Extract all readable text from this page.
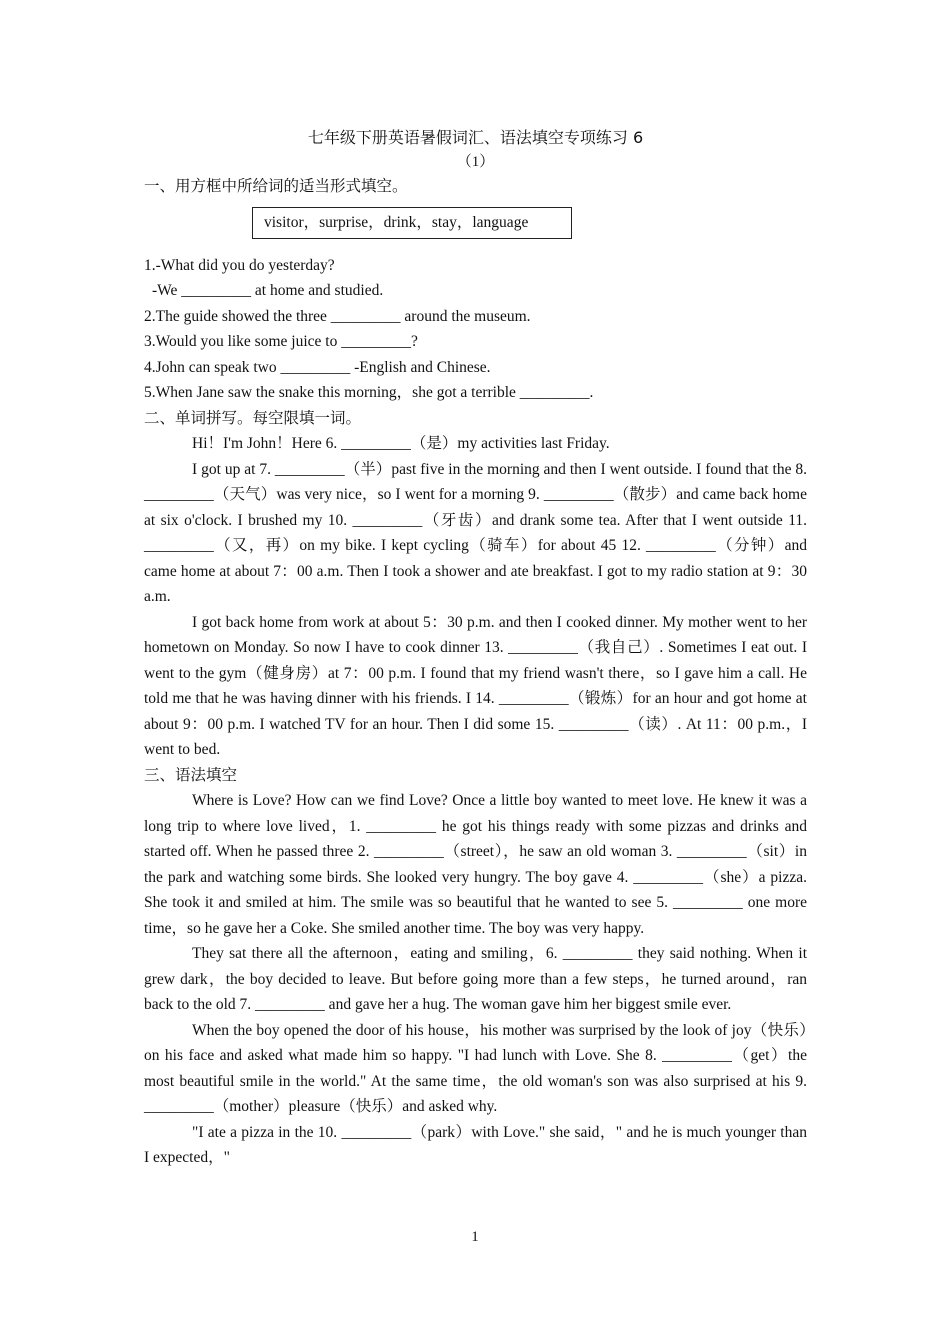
七年级下册英语暑假词汇、语法填空专项练习 6
（1）
一、用方框中所给词的适当形式填空。
visitor，surprise，drink，stay，language
1.-What did you do yesterday?
-We _________ at home and studied.
2.The guide showed the three _________ around the museum.
3.Would you like some juice to _________?
4.John can speak two _________ -English and Chinese.
5.When Jane saw the snake this morning，she got a terrible _________.
二、单词拼写。每空限填一词。

Hi！I'm John！Here 6. _________（是）my activities last Friday.

I got up at 7. _________（半）past five in the morning and then I went outside. I found that the 8. _________（天气）was very nice，so I went for a morning 9. _________（散步）and came back home at six o'clock. I brushed my 10. _________（牙齿）and drank some tea. After that I went outside 11. _________（又，再）on my bike. I kept cycling（骑车）for about 45 12. _________（分钟）and came home at about 7：00 a.m. Then I took a shower and ate breakfast. I got to my radio station at 9：30 a.m.

I got back home from work at about 5：30 p.m. and then I cooked dinner. My mother went to her hometown on Monday. So now I have to cook dinner 13. _________（我自己）. Sometimes I eat out. I went to the gym（健身房）at 7：00 p.m. I found that my friend wasn't there，so I gave him a call. He told me that he was having dinner with his friends. I 14. _________（锻炼）for an hour and got home at about 9：00 p.m. I watched TV for an hour. Then I did some 15. _________（读）. At 11：00 p.m.，I went to bed.

三、语法填空

Where is Love? How can we find Love? Once a little boy wanted to meet love. He knew it was a long trip to where love lived，1. _________ he got his things ready with some pizzas and drinks and started off. When he passed three 2. _________（street），he saw an old woman 3. _________（sit）in the park and watching some birds. She looked very hungry. The boy gave 4. _________（she）a pizza. She took it and smiled at him. The smile was so beautiful that he wanted to see 5. _________ one more time，so he gave her a Coke. She smiled another time. The boy was very happy.

They sat there all the afternoon，eating and smiling，6. _________ they said nothing. When it grew dark，the boy decided to leave. But before going more than a few steps，he turned around，ran back to the old 7. _________ and gave her a hug. The woman gave him her biggest smile ever.

When the boy opened the door of his house，his mother was surprised by the look of joy（快乐）on his face and asked what made him so happy. "I had lunch with Love. She 8. _________（get）the most beautiful smile in the world." At the same time，the old woman's son was also surprised at his 9. _________（mother）pleasure（快乐）and asked why.

"I ate a pizza in the 10. _________（park）with Love." she said，" and he is much younger than I expected，"

1
